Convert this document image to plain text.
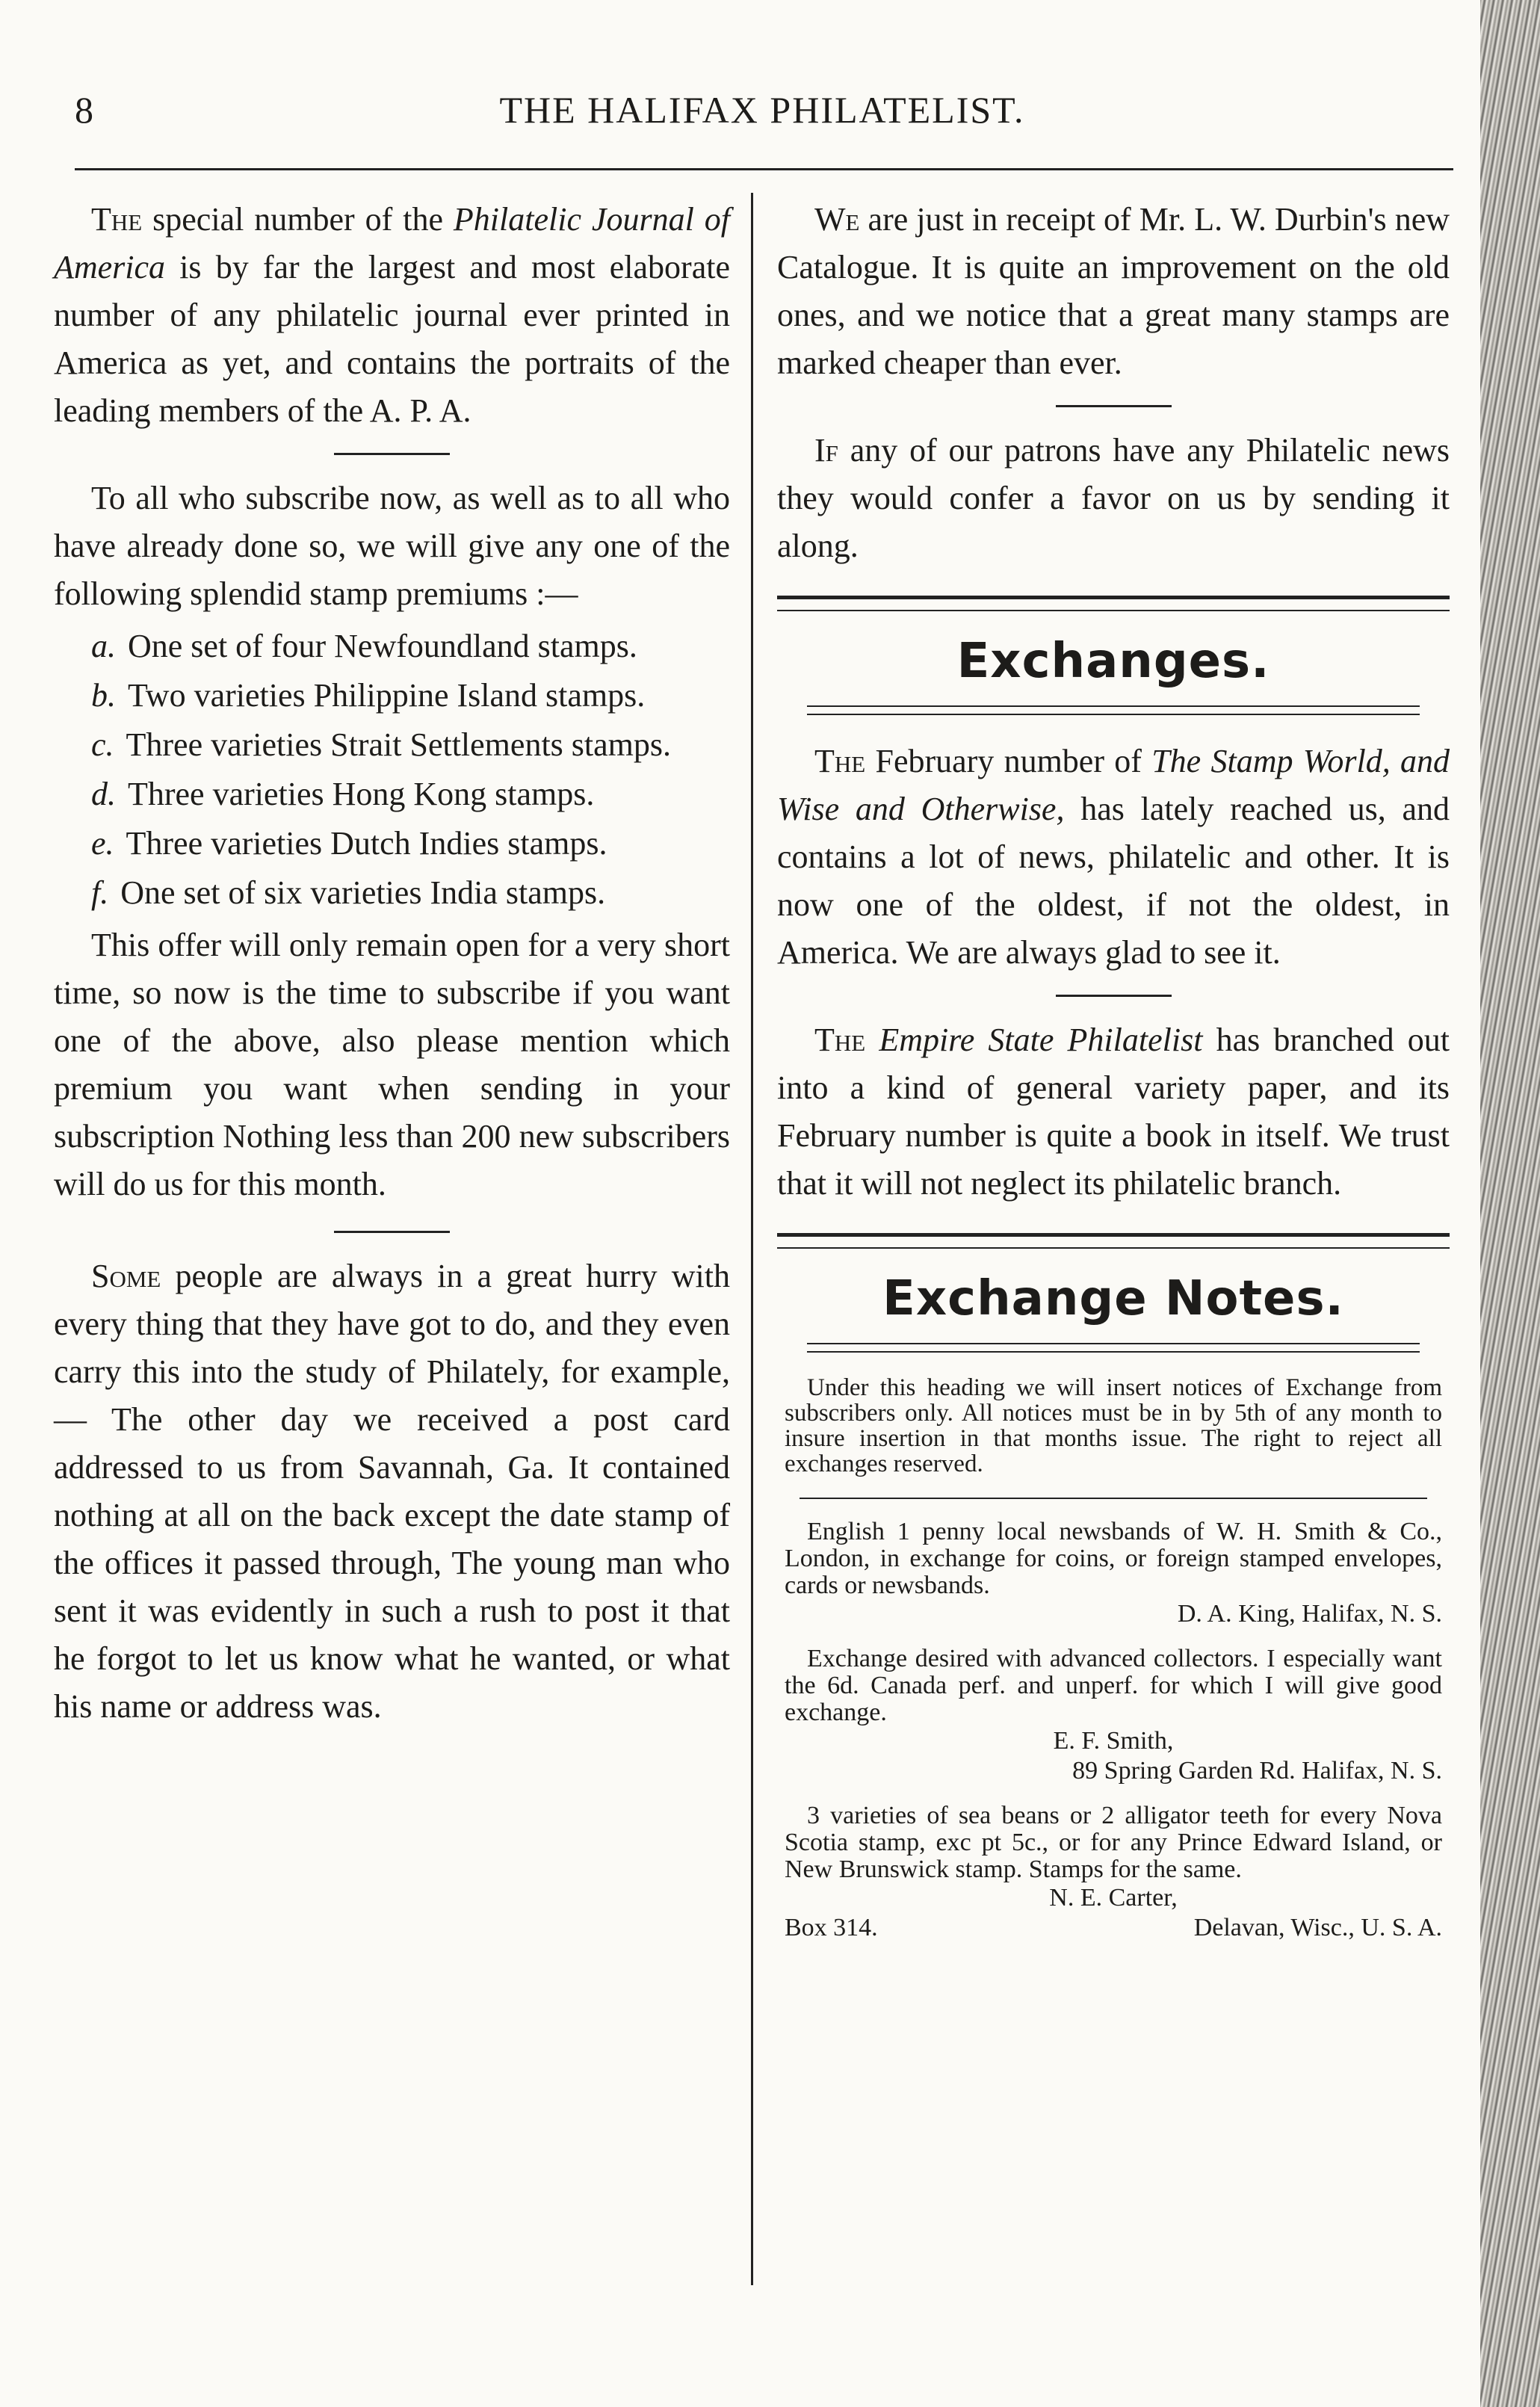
8	THE HALIFAX PHILATELIST.

The special number of the Philatelic Journal of America is by far the largest and most elaborate number of any philatelic journal ever printed in America as yet, and contains the portraits of the leading members of the A. P. A.

To all who subscribe now, as well as to all who have already done so, we will give any one of the following splendid stamp premiums :—

a. One set of four Newfoundland stamps.

b. Two varieties Philippine Island stamps.

c. Three varieties Strait Settlements stamps.

d. Three varieties Hong Kong stamps.

e. Three varieties Dutch Indies stamps.

f. One set of six varieties India stamps.

This offer will only remain open for a very short time, so now is the time to subscribe if you want one of the above, also please mention which premium you want when sending in your subscription Nothing less than 200 new subscribers will do us for this month.

Some people are always in a great hurry with every thing that they have got to do, and they even carry this into the study of Philately, for example,— The other day we received a post card addressed to us from Savannah, Ga. It contained nothing at all on the back except the date stamp of the offices it passed through, The young man who sent it was evidently in such a rush to post it that he forgot to let us know what he wanted, or what his name or address was.

We are just in receipt of Mr. L. W. Durbin's new Catalogue. It is quite an improvement on the old ones, and we notice that a great many stamps are marked cheaper than ever.

If any of our patrons have any Philatelic news they would confer a favor on us by sending it along.

Exchanges.

The February number of The Stamp World, and Wise and Otherwise, has lately reached us, and contains a lot of news, philatelic and other. It is now one of the oldest, if not the oldest, in America. We are always glad to see it.

The Empire State Philatelist has branched out into a kind of general variety paper, and its February number is quite a book in itself. We trust that it will not neglect its philatelic branch.

Exchange Notes.

Under this heading we will insert notices of Exchange from subscribers only. All notices must be in by 5th of any month to insure insertion in that months issue. The right to reject all exchanges reserved.

English 1 penny local newsbands of W. H. Smith & Co., London, in exchange for coins, or foreign stamped envelopes, cards or newsbands.

D. A. King, Halifax, N. S.

Exchange desired with advanced collectors. I especially want the 6d. Canada perf. and unperf. for which I will give good exchange.

E. F. Smith,

89 Spring Garden Rd. Halifax, N. S.

3 varieties of sea beans or 2 alligator teeth for every Nova Scotia stamp, exc pt 5c., or for any Prince Edward Island, or New Brunswick stamp. Stamps for the same.

N. E. Carter,

Box 314.	Delavan, Wisc., U. S. A.
